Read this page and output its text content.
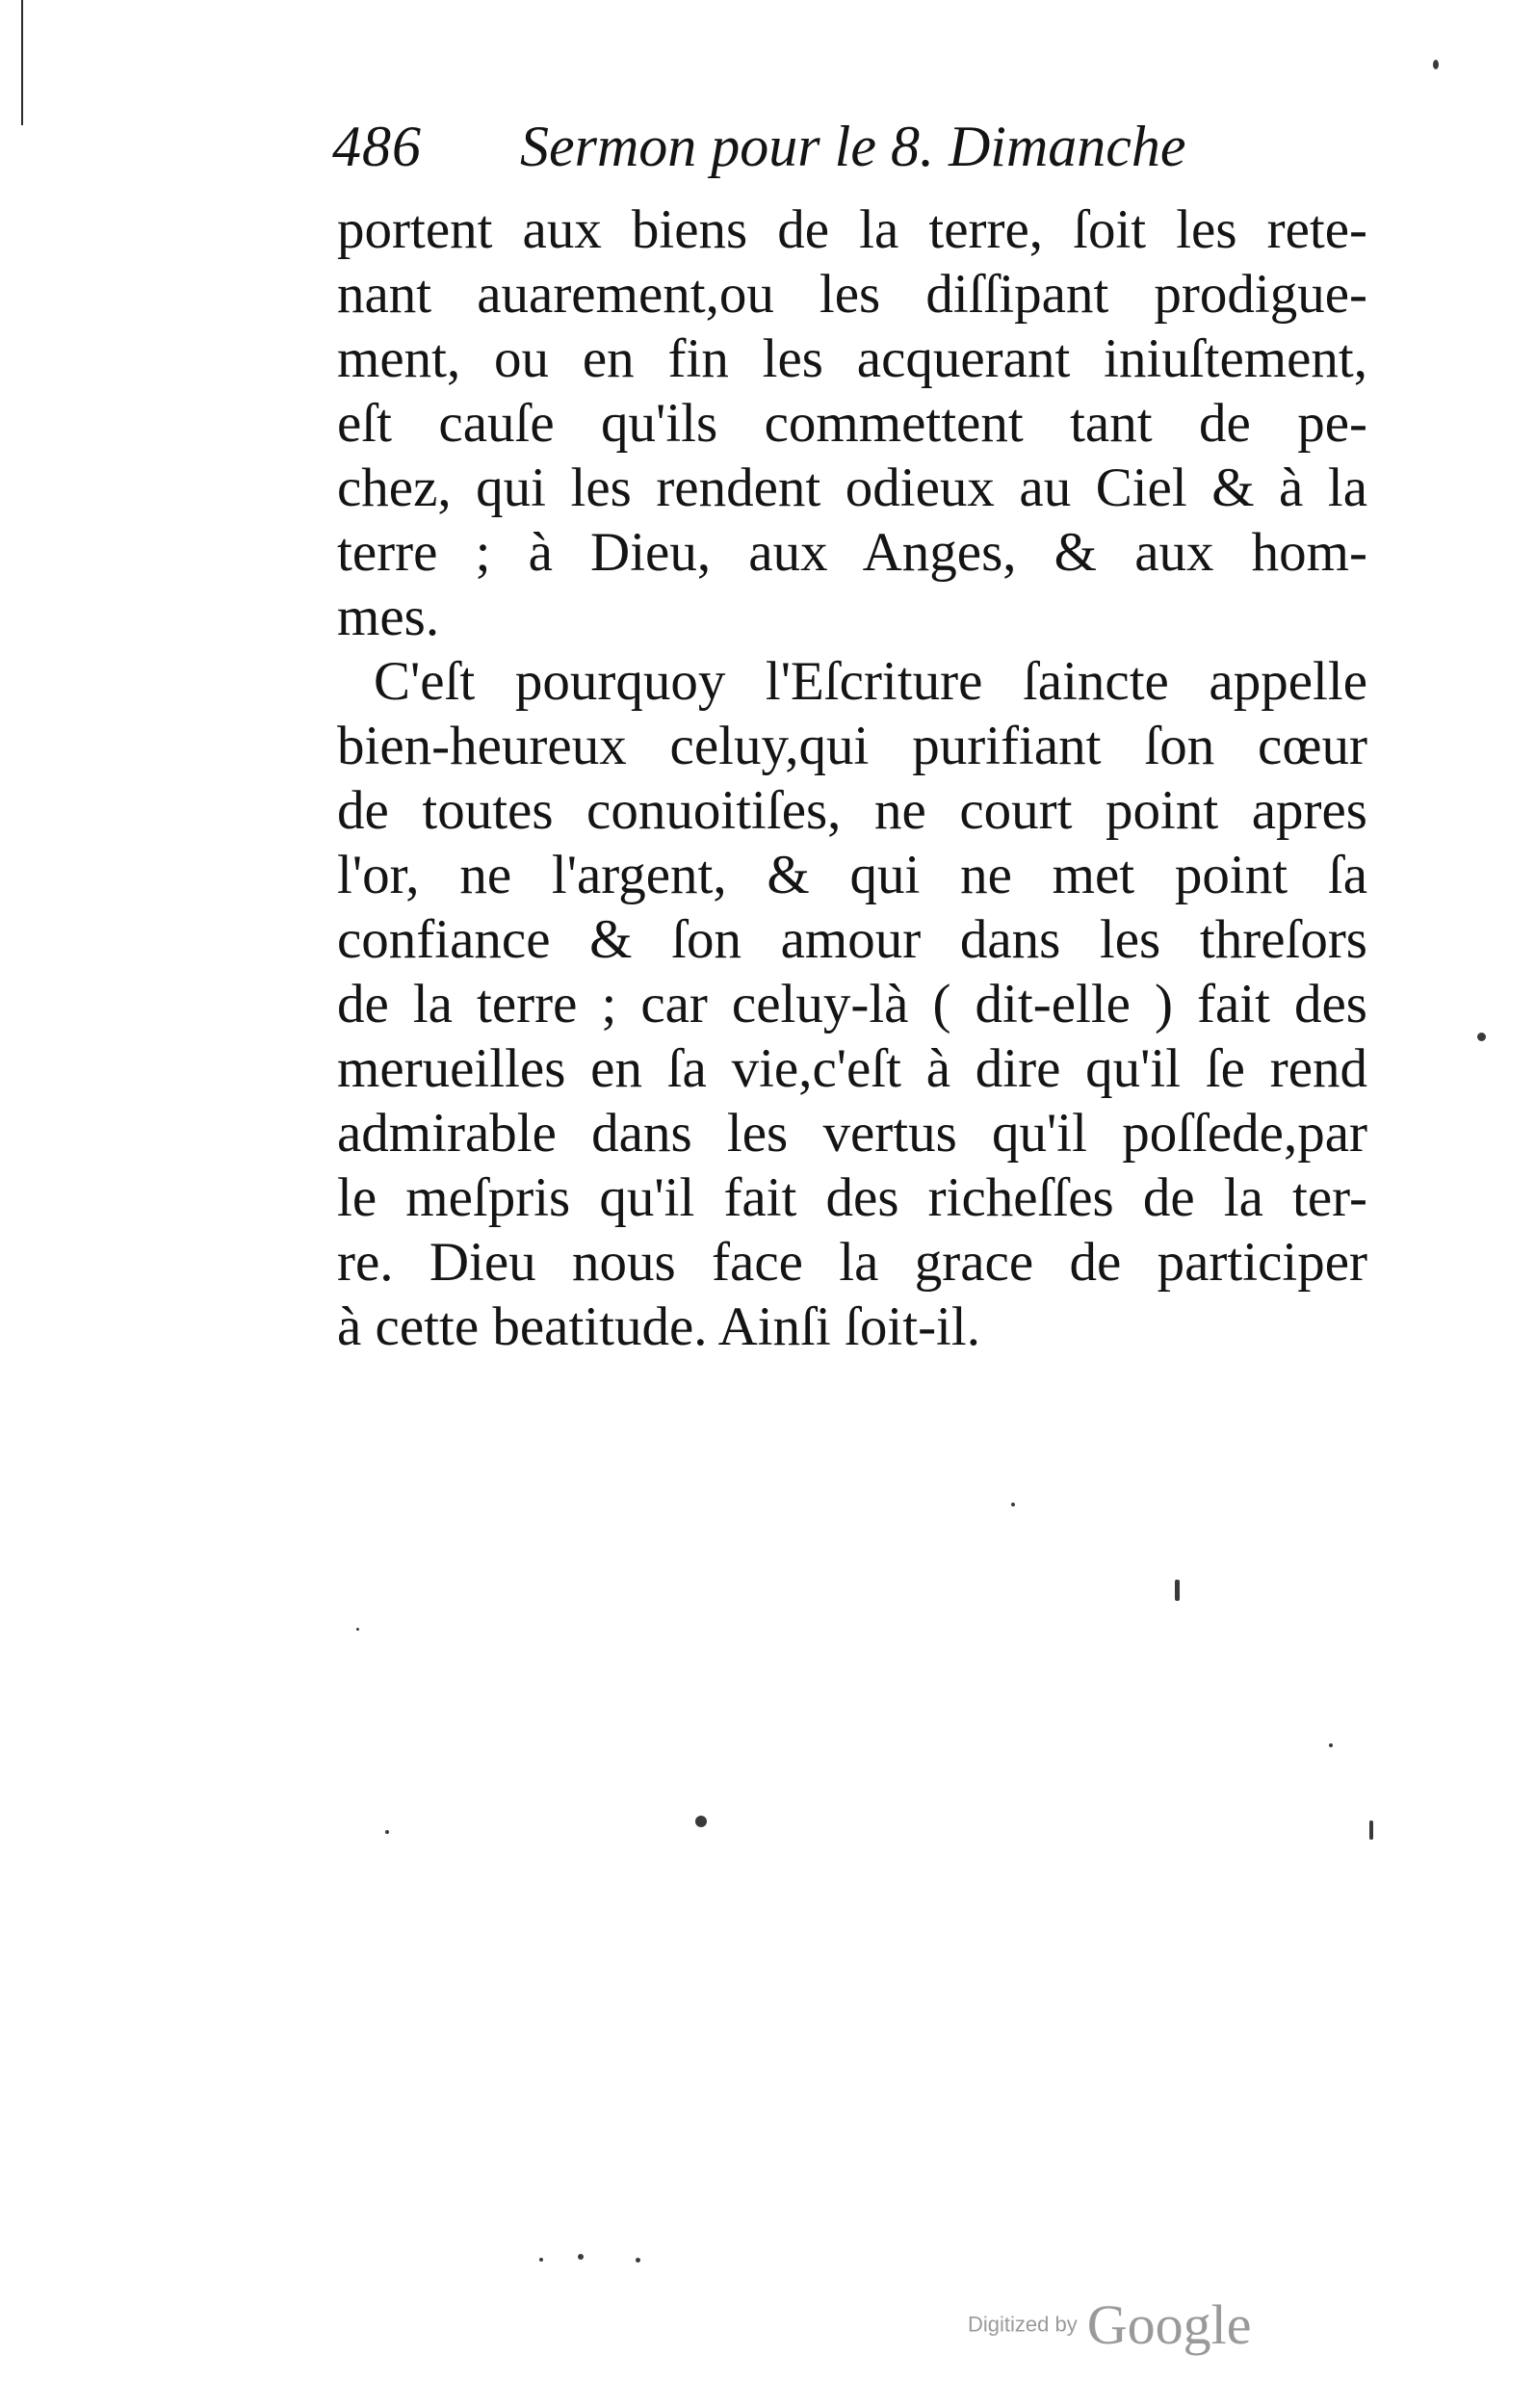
486 Sermon pour le 8. Dimanche
portent aux biens de la terre, ſoit les rete-
nant auarement,ou les diſſipant prodigue-
ment, ou en fin les acquerant iniuſtement,
eſt cauſe qu'ils commettent tant de pe-
chez, qui les rendent odieux au Ciel & à la
terre ; à Dieu, aux Anges, & aux hom-
mes.
C'eſt pourquoy l'Eſcriture ſaincte appelle
bien-heureux celuy,qui purifiant ſon cœur
de toutes conuoitiſes, ne court point apres
l'or, ne l'argent, & qui ne met point ſa
confiance & ſon amour dans les threſors
de la terre ; car celuy-là ( dit-elle ) fait des
merueilles en ſa vie,c'eſt à dire qu'il ſe rend
admirable dans les vertus qu'il poſſede,par
le meſpris qu'il fait des richeſſes de la ter-
re. Dieu nous face la grace de participer
à cette beatitude. Ainſi ſoit-il.
Digitized by Google
